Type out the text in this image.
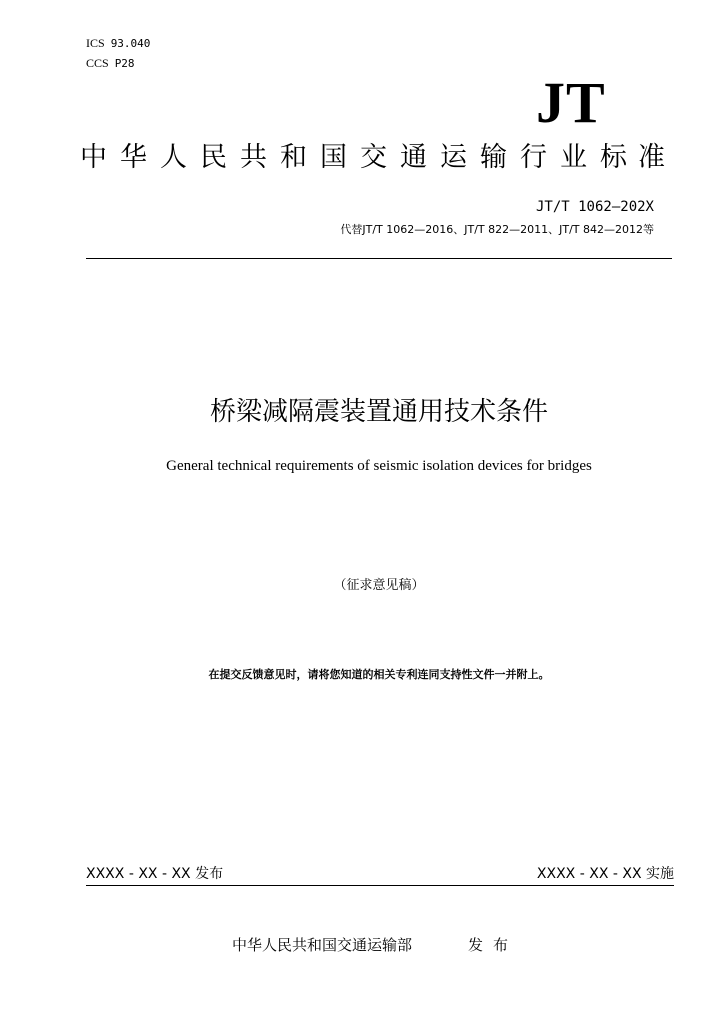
ICS 93.040
CCS P28
JT
中 华 人 民 共 和 国 交 通 运 输 行 业 标 准
JT/T 1062—202X
代替JT/T 1062—2016、JT/T 822—2011、JT/T 842—2012等
桥梁减隔震装置通用技术条件
General technical requirements of seismic isolation devices for bridges
（征求意见稿）
在提交反馈意见时，请将您知道的相关专利连同支持性文件一并附上。
XXXX - XX - XX 发布	XXXX - XX - XX 实施
中华人民共和国交通运输部	发布
